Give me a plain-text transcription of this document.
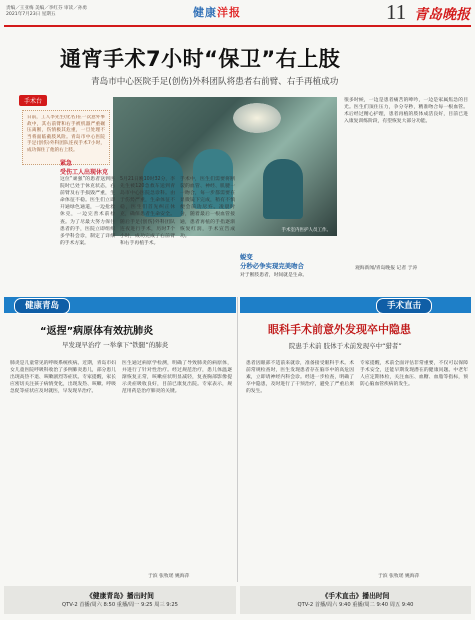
责编／王亚梅 美编／李红芬 审读／孙勇
2021年7月23日 星期五	健康洋报	11 青岛晚报
通宵手术7小时“保卫”右上肢
青岛市中心医院手足(创伤)外科团队将患者右前臂、右手再植成功
手术台
日前，工人李先生(化名)在一次意外事故中，其右前臂和右手被机器严重碾压离断，伤情极其危重，一旦处理不当将面临截肢风险。青岛市中心医院手足(创伤)外科团队连夜手术7小时，成功保住了他的右上肢。
手术室内医护人员工作。
很多时候，一边是患者痛苦的呻吟，一边是家属焦急的目光。医生们顶住压力，争分夺秒，精准吻合每一根血管。术后经过精心护理，患者再植的肢体成活良好，目前已进入康复训练阶段，有望恢复大部分功能。
紧急
受伤工人出现休克
这位“顽强”的患者送到医院时已处于休克状态，右前臂及右手损毁严重，生命体征不稳。医生们立即开通绿色通道，一边抢救休克，一边完善术前检查。为了尽最大努力保住患者的手，医院立即组织多学科会诊，制定了详细的手术方案。
5月21日晚10时32分，李先生被120急救车送到青岛市中心医院急诊科。由于伤势严重，生命体征不稳，医生们首先纠正休克，确保患者生命安全。随后手足(创伤)外科团队连夜进行手术，历时7个小时，成功完成了右前臂和右手再植手术。
手术中，医生们需要将断裂的血管、神经、肌腱一一吻合，每一步都需要在显微镜下完成，稍有不慎便会前功尽弃。凌晨时分，随着最后一根血管接通，患者再植的手指逐渐恢复红润，手术宣告成功。
蜕变
分秒必争实现完美吻合
对于断肢患者，时间就是生命。
观海新闻/青岛晚报 记者 于涛
健康青岛	手术直击
“返捏”病原体有效抗肺炎
早发现早治疗 一举拿下“铁腿”的肺炎
肺炎是儿童常见的呼吸系统疾病。近期，青岛市妇女儿童医院呼吸科收治了多例肺炎患儿，部分患儿出现高热不退、咳嗽剧烈等症状。专家提醒，家长应密切关注孩子病情变化，出现发热、咳嗽、呼吸急促等症状应及时就医，早发现早治疗。
医生通过病原学检测，明确了导致肺炎的病原体，并进行了针对性治疗。经过规范治疗，患儿体温逐渐恢复正常，咳嗽症状明显减轻，复查胸部影像提示炎症吸收良好，目前已康复出院。专家表示，规范用药是治疗肺炎的关键。
于滨 张牧瑶 姚海萍
眼科手术前意外发现卒中隐患
院患手术前 肢体于术前发现卒中“猎者”
患者因眼部不适前来就诊，准备接受眼科手术。术前常规检查时，医生发现患者存在脑卒中的高危因素，立即请神经内科会诊。经进一步检查，明确了卒中隐患，及时进行了干预治疗，避免了严重后果的发生。
专家提醒，术前全面评估非常重要，不仅可以保障手术安全，还能早期发现潜在的健康问题。中老年人应定期体检，关注血压、血糖、血脂等指标，预防心脑血管疾病的发生。
于滨 张牧瑶 姚海萍
《健康青岛》播出时间
QTV-2 首播/周六 8:50 重播/周一 9:25 周三 9:25
《手术直击》播出时间
QTV-2 首播/周六 9:40 重播/周二 9:40 周五 9:40
